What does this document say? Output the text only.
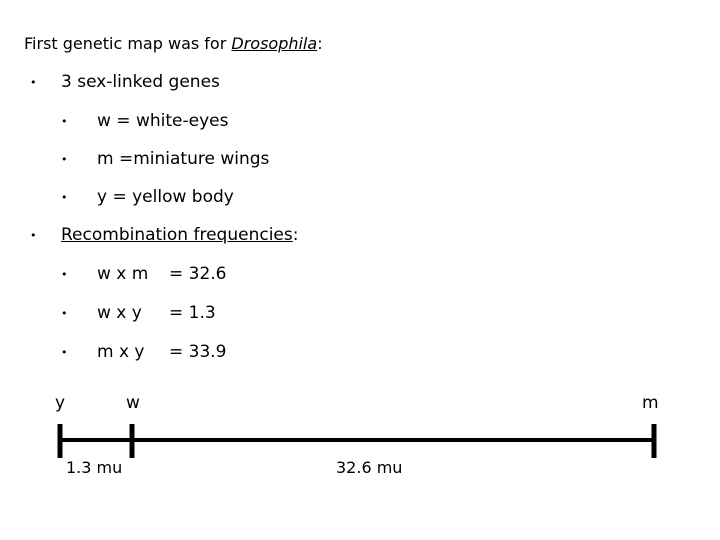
First genetic map was for Drosophila:
• 3 sex-linked genes
• w = white-eyes
• m =miniature wings
• y = yellow body
• Recombination frequencies:
• w x m = 32.6
• w x y = 1.3
• m x y = 33.9
y	w	m
1.3 mu	32.6 mu
